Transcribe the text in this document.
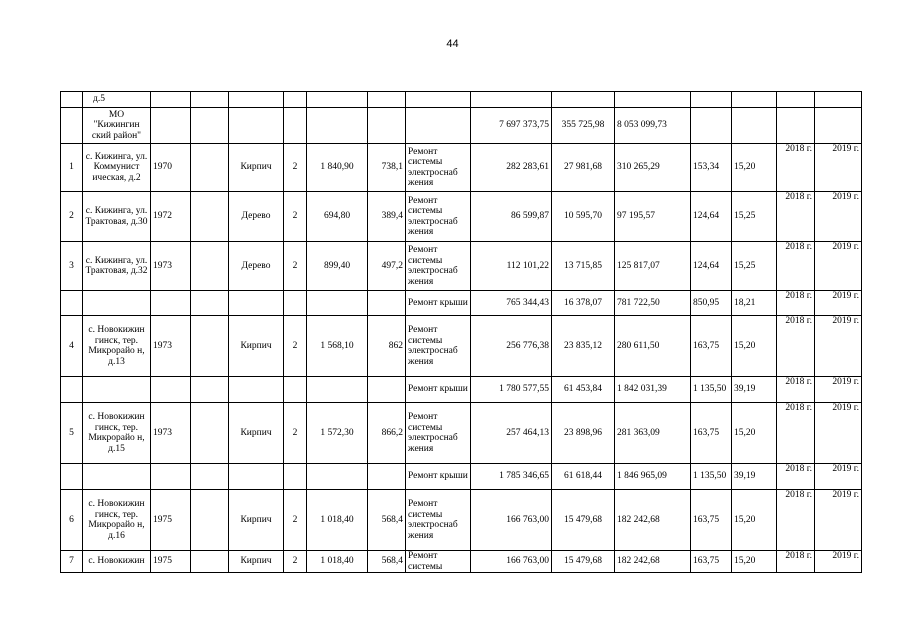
44
	д.5														
	МО "Кижингин ский район"								7 697 373,75	355 725,98	8 053 099,73				
1	с. Кижинга, ул. Коммунист ическая, д.2	1970		Кирпич	2	1 840,90	738,1	Ремонт системы электроснаб жения	282 283,61	27 981,68	310 265,29	153,34	15,20	2018 г.	2019 г.
2	с. Кижинга, ул. Трактовая, д.30	1972		Дерево	2	694,80	389,4	Ремонт системы электроснаб жения	86 599,87	10 595,70	97 195,57	124,64	15,25	2018 г.	2019 г.
3	с. Кижинга, ул. Трактовая, д.32	1973		Дерево	2	899,40	497,2	Ремонт системы электроснаб жения	112 101,22	13 715,85	125 817,07	124,64	15,25	2018 г.	2019 г.
								Ремонт крыши	765 344,43	16 378,07	781 722,50	850,95	18,21	2018 г.	2019 г.
4	с. Новокижин гинск, тер. Микрорайо н, д.13	1973		Кирпич	2	1 568,10	862	Ремонт системы электроснаб жения	256 776,38	23 835,12	280 611,50	163,75	15,20	2018 г.	2019 г.
								Ремонт крыши	1 780 577,55	61 453,84	1 842 031,39	1 135,50	39,19	2018 г.	2019 г.
5	с. Новокижин гинск, тер. Микрорайо н, д.15	1973		Кирпич	2	1 572,30	866,2	Ремонт системы электроснаб жения	257 464,13	23 898,96	281 363,09	163,75	15,20	2018 г.	2019 г.
								Ремонт крыши	1 785 346,65	61 618,44	1 846 965,09	1 135,50	39,19	2018 г.	2019 г.
6	с. Новокижин гинск, тер. Микрорайо н, д.16	1975		Кирпич	2	1 018,40	568,4	Ремонт системы электроснаб жения	166 763,00	15 479,68	182 242,68	163,75	15,20	2018 г.	2019 г.
7	с. Новокижин	1975		Кирпич	2	1 018,40	568,4	Ремонт системы	166 763,00	15 479,68	182 242,68	163,75	15,20	2018 г.	2019 г.
